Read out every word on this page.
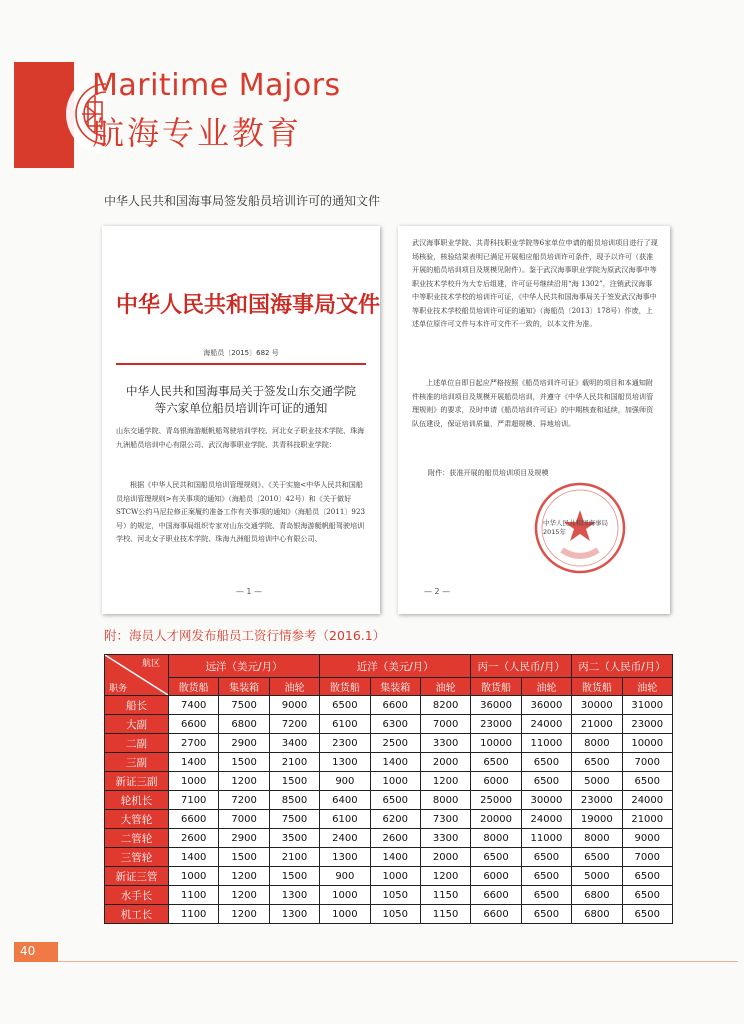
Maritime Majors
航海专业教育
中华人民共和国海事局签发船员培训许可的通知文件
中华人民共和国海事局文件
海船员〔2015〕682 号
中华人民共和国海事局关于签发山东交通学院
等六家单位船员培训许可证的通知
山东交通学院、青岛银海游艇帆船驾驶培训学校、河北女子职业技术学院、珠海九洲船员培训中心有限公司、武汉海事职业学院、共青科技职业学院：
根据《中华人民共和国船员培训管理规则》、《关于实施<中华人民共和国船员培训管理规则>有关事项的通知》（海船员〔2010〕42号）和《关于做好STCW公约马尼拉修正案履约准备工作有关事项的通知》（海船员〔2011〕923号）的规定，中国海事局组织专家对山东交通学院、青岛银海游艇帆船驾驶培训学校、河北女子职业技术学院、珠海九洲船员培训中心有限公司、
— 1 —
武汉海事职业学院、共青科技职业学院等6家单位申请的船员培训项目进行了现场核验，核验结果表明已满足开展相应船员培训许可条件，现予以许可（获准开展的船员培训项目及规模见附件）。鉴于武汉海事职业学院为原武汉海事中等职业技术学校升为大专后组建，许可证号继续沿用“海 1302”，注销武汉海事中等职业技术学校的培训许可证，《中华人民共和国海事局关于签发武汉海事中等职业技术学校船员培训许可证的通知》（海船员〔2013〕178号）作废，上述单位原许可文件与本许可文件不一致的，以本文件为准。
上述单位自即日起应严格按照《船员培训许可证》载明的项目和本通知附件核准的培训项目及规模开展船员培训，并遵守《中华人民共和国船员培训管理规则》的要求，及时申请《船员培训许可证》的中期核查和延续，加强师资队伍建设，保证培训质量，严肃超规模、异地培训。
附件：获准开展的船员培训项目及规模
中华人民共和国海事局
2015年
— 2 —
附：海员人才网发布船员工资行情参考（2016.1）
航区
职务	远洋（美元/月）			近洋（美元/月）			丙一（人民币/月）		丙二（人民币/月）	
	散货船	集装箱	油轮	散货船	集装箱	油轮	散货船	油轮	散货船	油轮
船长	7400	7500	9000	6500	6600	8200	36000	36000	30000	31000
大副	6600	6800	7200	6100	6300	7000	23000	24000	21000	23000
二副	2700	2900	3400	2300	2500	3300	10000	11000	8000	10000
三副	1400	1500	2100	1300	1400	2000	6500	6500	6500	7000
新证三副	1000	1200	1500	900	1000	1200	6000	6500	5000	6500
轮机长	7100	7200	8500	6400	6500	8000	25000	30000	23000	24000
大管轮	6600	7000	7500	6100	6200	7300	20000	24000	19000	21000
二管轮	2600	2900	3500	2400	2600	3300	8000	11000	8000	9000
三管轮	1400	1500	2100	1300	1400	2000	6500	6500	6500	7000
新证三管	1000	1200	1500	900	1000	1200	6000	6500	5000	6500
水手长	1100	1200	1300	1000	1050	1150	6600	6500	6800	6500
机工长	1100	1200	1300	1000	1050	1150	6600	6500	6800	6500
40
